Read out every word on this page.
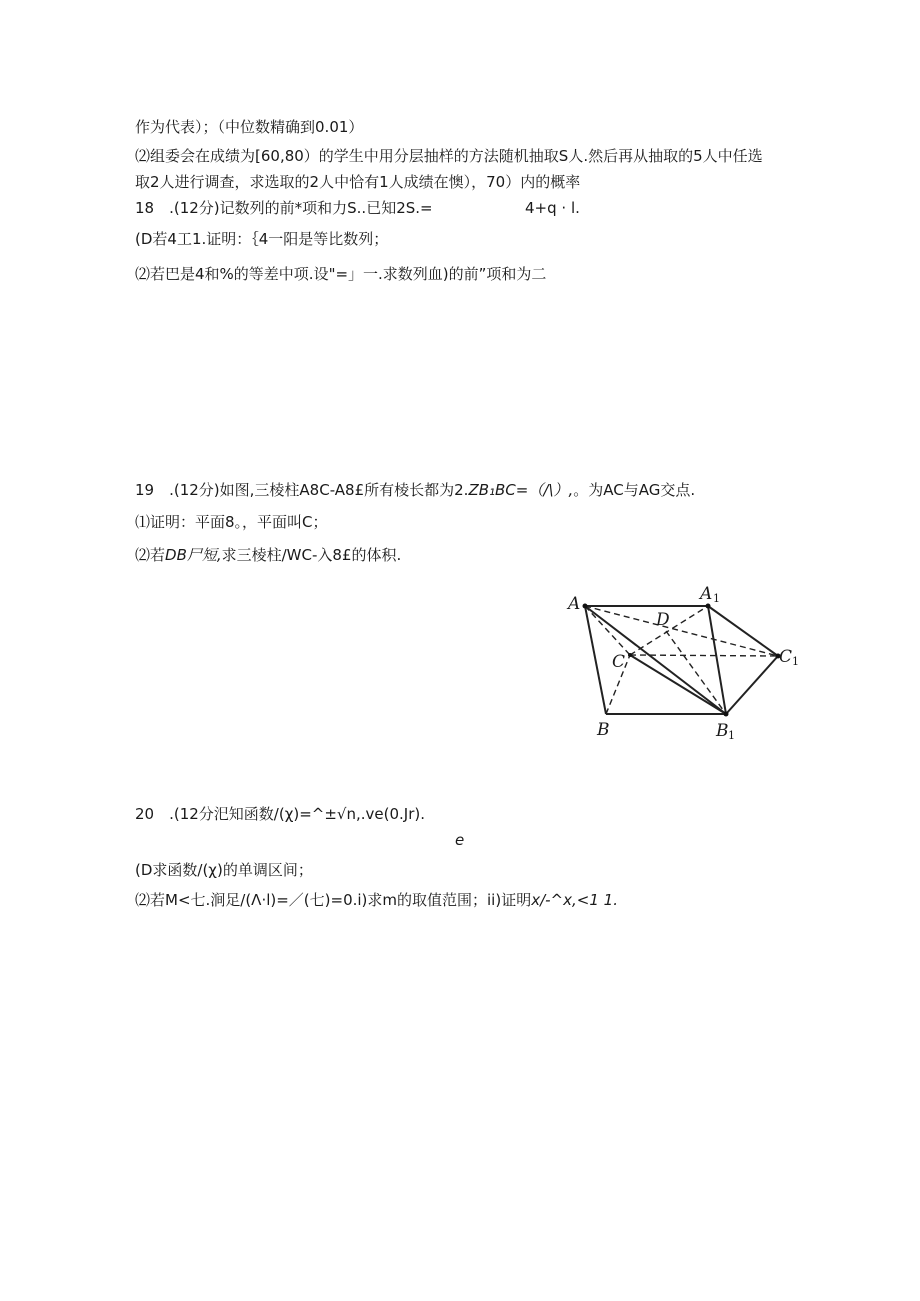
作为代表）；（中位数精确到0.01）
⑵组委会在成绩为[60,80）的学生中用分层抽样的方法随机抽取S人.然后再从抽取的5人中任选
取2人进行调查，求选取的2人中恰有1人成绩在懊），70）内的概率
18　.(12分)记数列的前*项和力S..已知2S.=	4+q · l.
(D若4工1.证明：｛4一阳是等比数列；
⑵若巴是4和%的等差中项.设"=」一.求数列血)的前”项和为二
19　.(12分)如图,三棱柱A8C-A8£所有棱长都为2.ZB₁BC=（/\）,。为AC与AG交点.
⑴证明：平面8。，平面叫C；
⑵若DB尸短,求三棱柱/WC-入8£的体积.
A	A 1
D
C	C 1
B	B 1
20　.(12分汜知函数/(χ)=^±√n,.ve(0.Jr).
e
(D求函数/(χ)的单调区间；
⑵若M<七.涧足/(Λ·l)=／(七)=0.i)求m的取值范围；ii)证明x/-^x,<1 1.
